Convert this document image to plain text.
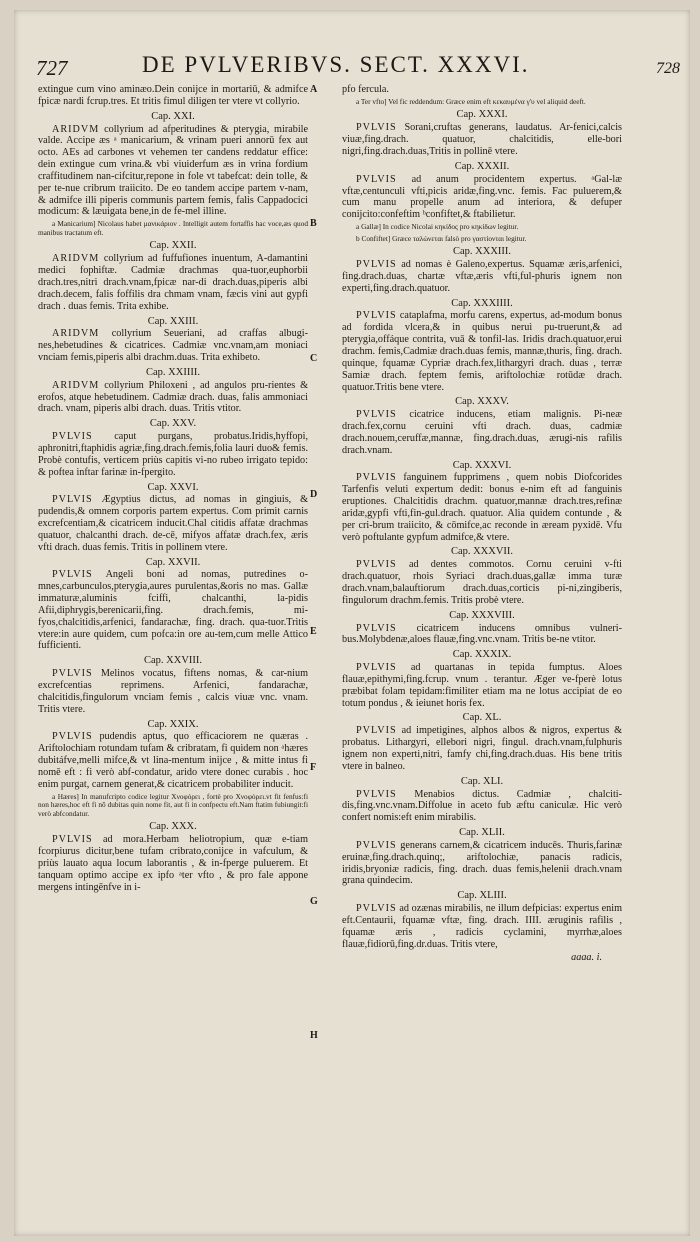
727	DE PVLVERIBVS. SECT. XXXVI.	728
A
B
C
D
E
F
G
H

extingue cum vino aminæo.Dein conijce in mortariū, & admifce fpicæ nardi fcrup.tres. Et tritis fimul diligen ter vtere vt collyrio.

Cap. XXI.

ARIDVM collyrium ad afperitudines & pterygia, mirabile valde. Accipe æs ᵃ manicarium, & vrinam pueri annorū fex aut octo. AEs ad carbones vt vehemen ter candens reddatur effice: dein extingue cum vrina.& vbi viuiderfum æs in vrina fordium craffitudinem nan-cifcitur,repone in fole vt tabefcat: dein tolle, & per te-nue cribrum traiicito. De eo tandem accipe partem v-nam, & admifce illi piperis communis partem femis, falis Cappadocici modicum: & læuigata bene,in de fe-mel illine.

a Manicarium] Nicolaus habet μανικάριον . Intelligit autem fortaffis hac voce,æs quod manibus tractatum eft.

Cap. XXII.

ARIDVM collyrium ad fuffufiones inuentum, A-damantini medici fophiftæ. Cadmiæ drachmas qua-tuor,euphorbii drach.tres,nitri drach.vnam,fpicæ nar-di drach.duas,piperis albi drach.decem, falis foffilis dra chmam vnam, fæcis vini aut gypfi drach . duas femis. Trita exhibe.

Cap. XXIII.

ARIDVM collyrium Seueriani, ad craffas albugi-nes,hebetudines & cicatrices. Cadmiæ vnc.vnam,am moniaci vnciam femis,piperis albi drachm.duas. Trita exhibeto.

Cap. XXIIII.

ARIDVM collyrium Philoxeni , ad angulos pru-rientes & erofos, atque hebetudinem. Cadmiæ drach. duas, falis ammoniaci drach. vnam, piperis albi drach. duas. Tritis vtitor.

Cap. XXV.

PVLVIS caput purgans, probatus.Iridis,hyffopi, aphronitri,ftaphidis agriæ,fing.drach.femis,folia lauri duo& femis. Probè contufis, verticem priùs capitis vi-no rubeo irrigato tepido: & poftea inftar farinæ in-fpergito.

Cap. XXVI.

PVLVIS Ægyptius dictus, ad nomas in gingiuis, & pudendis,& omnem corporis partem expertus. Com primit carnis excrefcentiam,& cicatricem inducit.Chal citidis affatæ drachmas quatuor, chalcanthi drach. de-cē, mifyos affatæ drach.fex, æris vfti drach. duas femis. Tritis in pollinem vtere.

Cap. XXVII.

PVLVIS Angeli boni ad nomas, putredines o-mnes,carbunculos,pterygia,aures purulentas,&oris no mas. Gallæ immaturæ,aluminis fciffi, chalcanthi, la-pidis Afii,diphrygis,berenicarii,fing. drach.femis, mi-fyos,chalcitidis,arfenici, fandarachæ, fing. drach. qua-tuor.Tritis vtere:in aure quidem, cum pofca:in ore au-tem,cum melle Attico fufficienti.

Cap. XXVIII.

PVLVIS Melinos vocatus, fiftens nomas, & car-nium excrefcentias reprimens. Arfenici, fandarachæ, chalcitidis,fingulorum vnciam femis , calcis viuæ vnc. vnam. Tritis vtere.

Cap. XXIX.

PVLVIS pudendis aptus, quo efficaciorem ne quæras . Ariftolochiam rotundam tufam & cribratam, fi quidem non ᵃhæres dubitáfve,melli mifce,& vt lina-mentum inijce , & mitte intus fi nomē eft : fi verò abf-condatur, arido vtere donec curabis . hoc enim purgat, carnem generat,& cicatricem probabiliter inducit.

a Hæres] In manufcripto codice legitur Χνοφόρει , fortè pro Χνοφόρει.vt fit fenfus:fi non hæres,hoc eft fi nō dubitas quin nome fit, aut fi in confpectu eft.Nam ftatim fubiungit:fi verò abfcondatur.

Cap. XXX.

PVLVIS ad mora.Herbam heliotropium, quæ e-tiam fcorpiurus dicitur,bene tufam cribrato,conijce in vafculum, & priùs lauato aqua locum laborantis , & in-fperge puluerem. Et tanquam optimo accipe ex ipfo ᵃter vfto , & pro fale appone mergens intingēnfve in i-

pfo fercula.

a Ter vfto] Vel fic reddendum: Græce enim eft κεκαυμένα γ'υ vel aliquid deeft.

Cap. XXXI.

PVLVIS Sorani,cruftas generans, laudatus. Ar-fenici,calcis viuæ,fing.drach. quatuor, chalcitidis, elle-bori nigri,fing.drach.duas,Tritis in pollinē vtere.

Cap. XXXII.

PVLVIS ad anum procidentem expertus. ᵃGal-læ vftæ,centunculi vfti,picis aridæ,fing.vnc. femis. Fac puluerem,& cum manu propelle anum ad interiora, & defuper conijcito:confeftim ᵇconfiftet,& ftabilietur.

a Gallæ] In codice Nicolai κηκίδος pro κηκίδων legitur.

b Confiftet] Græce ταλώνεται falsò pro γαστίονται legitur.

Cap. XXXIII.

PVLVIS ad nomas è Galeno,expertus. Squamæ æris,arfenici, fing.drach.duas, chartæ vftæ,æris vfti,ful-phuris ignem non experti,fing.drach.quatuor.

Cap. XXXIIII.

PVLVIS cataplafma, morfu carens, expertus, ad-modum bonus ad fordida vlcera,& in quibus neruì pu-truerunt,& ad pterygia,offáque contrita, vuā & tonfil-las. Iridis drach.quatuor,erui drachm. femis,Cadmiæ drach.duas femis, mannæ,thuris, fing. drach. quinque, fquamæ Cypriæ drach.fex,lithargyri drach. duas , terræ Samiæ drach. feptem femis, ariftolochiæ rotūdæ drach. quatuor.Tritis bene vtere.

Cap. XXXV.

PVLVIS cicatrice inducens, etiam malignis. Pi-neæ drach.fex,cornu ceruini vfti drach. duas, cadmiæ drach.nouem,ceruffæ,mannæ, fing.drach.duas, ærugi-nis rafilis drach.vnam.

Cap. XXXVI.

PVLVIS fanguinem fupprimens , quem nobis Diofcorides Tarfenfis veluti expertum dedit: bonus e-nim eft ad fanguinis eruptiones. Chalcitidis drachm. quatuor,mannæ drach.tres,refinæ aridæ,gypfi vfti,fin-gul.drach. quatuor. Alia quidem contunde , & per cri-brum traiicito, & cōmifce,ac reconde in æream pyxidē. Vfu verò poftulante gypfum admifce,& vtere.

Cap. XXXVII.

PVLVIS ad dentes commotos. Cornu ceruini v-fti drach.quatuor, rhois Syriaci drach.duas,gallæ imma turæ drach.vnam,balauftiorum drach.duas,corticis pi-ni,zingiberis, fingulorum drachm.femis. Tritis probè vtere.

Cap. XXXVIII.

PVLVIS cicatricem inducens omnibus vulneri-bus.Molybdenæ,aloes flauæ,fing.vnc.vnam. Tritis be-ne vtitor.

Cap. XXXIX.

PVLVIS ad quartanas in tepida fumptus. Aloes flauæ,epithymi,fing.fcrup. vnum . terantur. Æger ve-fperè lotus præbibat folam tepidam:fimiliter etiam ma ne lotus accipiat de eo totum pondus , & ieiunet horis fex.

Cap. XL.

PVLVIS ad impetigines, alphos albos & nigros, expertus & probatus. Lithargyri, ellebori nigri, fingul. drach.vnam,fulphuris ignem non experti,nitri, famfy chi,fing.drach.duas. His bene tritis vtere in balneo.

Cap. XLI.

PVLVIS Menabios dictus. Cadmiæ , chalciti-dis,fing.vnc.vnam.Diffolue in aceto fub æftu caniculæ. Hic verò confert nomis:eft enim mirabilis.

Cap. XLII.

PVLVIS generans carnem,& cicatricem inducēs. Thuris,farinæ eruinæ,fing.drach.quinq;, ariftolochiæ, panacis radicis, iridis,bryoniæ radicis, fing. drach. duas femis,helenii drach.vnam grana quindecim.

Cap. XLIII.

PVLVIS ad ozænas mirabilis, ne illum defpicias: expertus enim eft.Centaurii, fquamæ vftæ, fing. drach. IIII. æruginis rafilis , fquamæ æris , radicis cyclamini, myrrhæ,aloes flauæ,fidiorū,fing.dr.duas. Tritis vtere,

aaaa. i.
